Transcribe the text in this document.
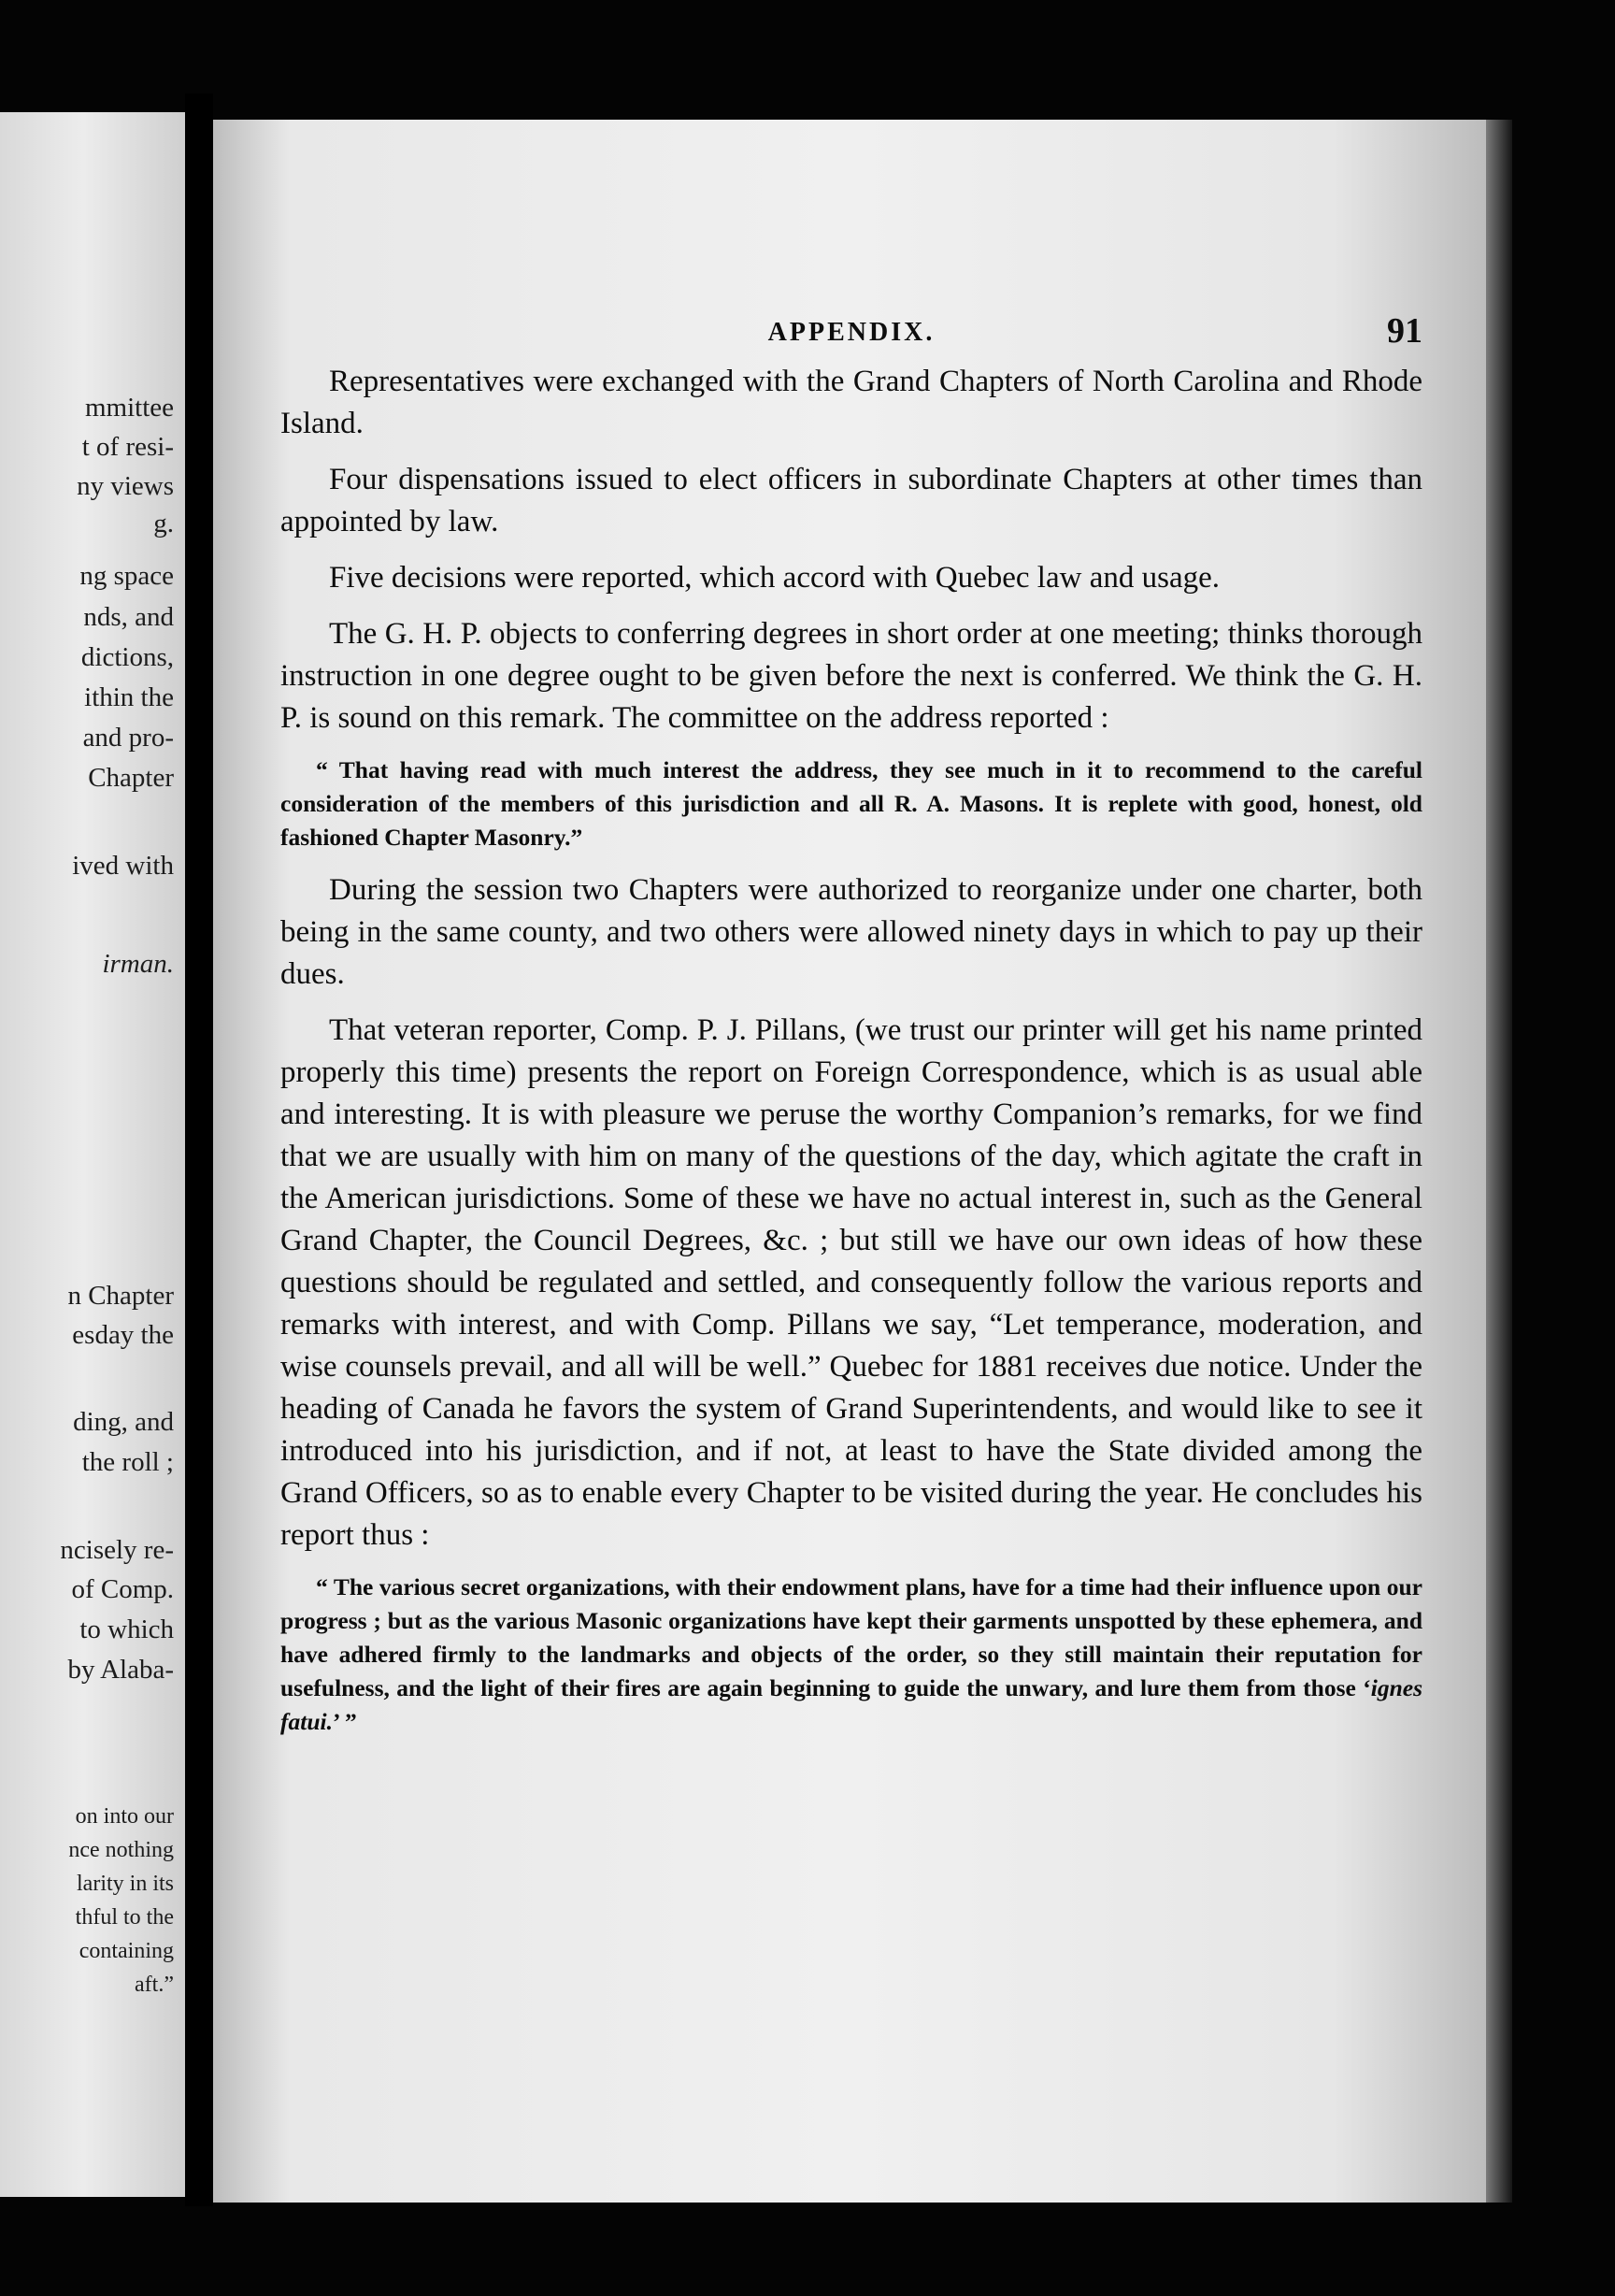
mmittee
t of resi-
ny views
g.
ng space
nds, and
dictions,
ithin the
and pro-
Chapter
ived with
irman.
n Chapter
esday the
ding, and
the roll ;
ncisely re-
of Comp.
to which
by Alaba-
on into our
nce nothing
larity in its
thful to the
containing
aft.”
APPENDIX.	91

Representatives were exchanged with the Grand Chapters of North Carolina and Rhode Island.

Four dispensations issued to elect officers in subordinate Chapters at other times than appointed by law.

Five decisions were reported, which accord with Quebec law and usage.

The G. H. P. objects to conferring degrees in short order at one meeting; thinks thorough instruction in one degree ought to be given before the next is conferred. We think the G. H. P. is sound on this remark. The committee on the address reported :

“ That having read with much interest the address, they see much in it to recommend to the careful consideration of the members of this jurisdiction and all R. A. Masons. It is replete with good, honest, old fashioned Chapter Masonry.”

During the session two Chapters were authorized to reorganize under one charter, both being in the same county, and two others were allowed ninety days in which to pay up their dues.

That veteran reporter, Comp. P. J. Pillans, (we trust our printer will get his name printed properly this time) presents the report on Foreign Correspondence, which is as usual able and interesting. It is with pleasure we peruse the worthy Companion’s remarks, for we find that we are usually with him on many of the questions of the day, which agitate the craft in the American jurisdictions. Some of these we have no actual interest in, such as the General Grand Chapter, the Council Degrees, &c. ; but still we have our own ideas of how these questions should be regulated and settled, and consequently follow the various reports and remarks with interest, and with Comp. Pillans we say, “Let temperance, moderation, and wise counsels prevail, and all will be well.” Quebec for 1881 receives due notice. Under the heading of Canada he favors the system of Grand Superintendents, and would like to see it introduced into his jurisdiction, and if not, at least to have the State divided among the Grand Officers, so as to enable every Chapter to be visited during the year. He concludes his report thus :

“ The various secret organizations, with their endowment plans, have for a time had their influence upon our progress ; but as the various Masonic organizations have kept their garments unspotted by these ephemera, and have adhered firmly to the landmarks and objects of the order, so they still maintain their reputation for usefulness, and the light of their fires are again beginning to guide the unwary, and lure them from those ‘ignes fatui.’ ”
